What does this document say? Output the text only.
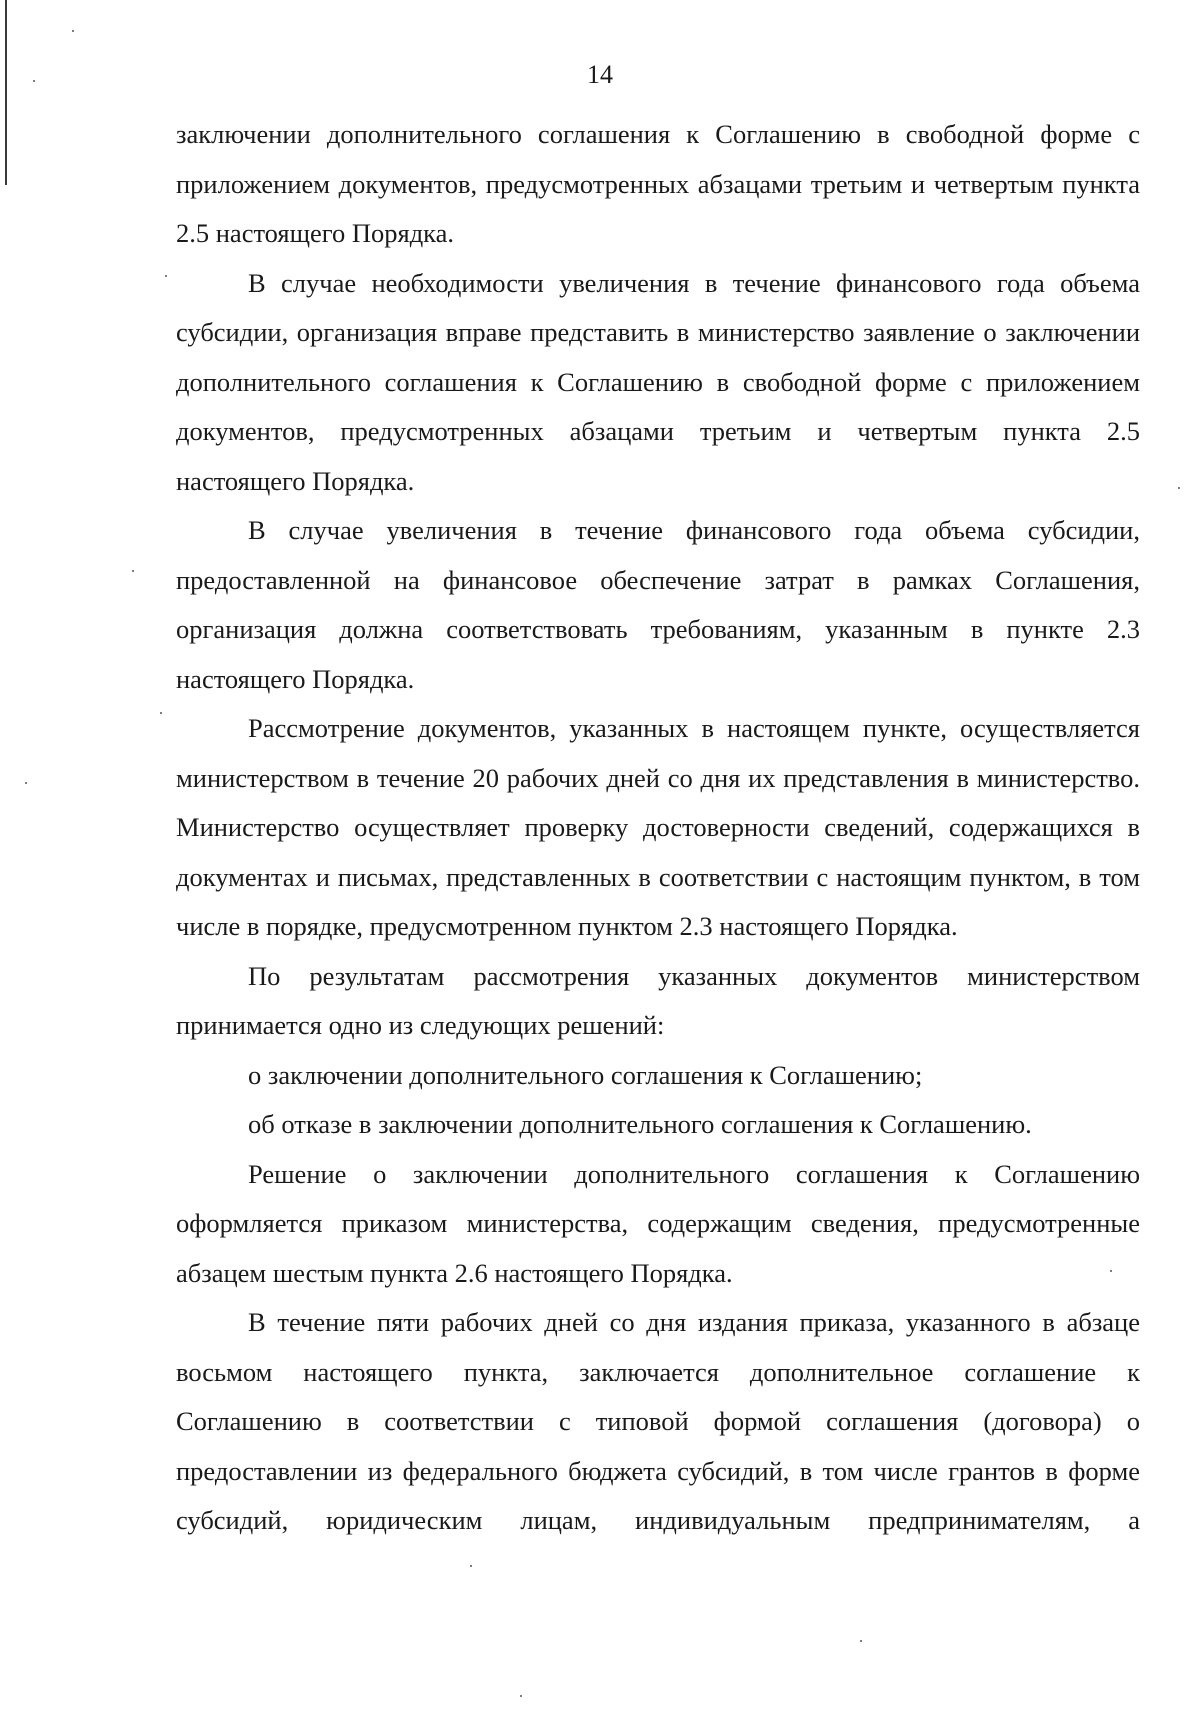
14

заключении дополнительного соглашения к Соглашению в свободной форме с приложением документов, предусмотренных абзацами третьим и четвертым пункта 2.5 настоящего Порядка.

В случае необходимости увеличения в течение финансового года объема субсидии, организация вправе представить в министерство заявление о заключении дополнительного соглашения к Соглашению в свободной форме с приложением документов, предусмотренных абзацами третьим и четвертым пункта 2.5 настоящего Порядка.

В случае увеличения в течение финансового года объема субсидии, предоставленной на финансовое обеспечение затрат в рамках Соглашения, организация должна соответствовать требованиям, указанным в пункте 2.3 настоящего Порядка.

Рассмотрение документов, указанных в настоящем пункте, осуществляется министерством в течение 20 рабочих дней со дня их представления в министерство. Министерство осуществляет проверку достоверности сведений, содержащихся в документах и письмах, представленных в соответствии с настоящим пунктом, в том числе в порядке, предусмотренном пунктом 2.3 настоящего Порядка.

По результатам рассмотрения указанных документов министерством принимается одно из следующих решений:

о заключении дополнительного соглашения к Соглашению;

об отказе в заключении дополнительного соглашения к Соглашению.

Решение о заключении дополнительного соглашения к Соглашению оформляется приказом министерства, содержащим сведения, предусмотренные абзацем шестым пункта 2.6 настоящего Порядка.

В течение пяти рабочих дней со дня издания приказа, указанного в абзаце восьмом настоящего пункта, заключается дополнительное соглашение к Соглашению в соответствии с типовой формой соглашения (договора) о предоставлении из федерального бюджета субсидий, в том числе грантов в форме субсидий, юридическим лицам, индивидуальным предпринимателям, а
